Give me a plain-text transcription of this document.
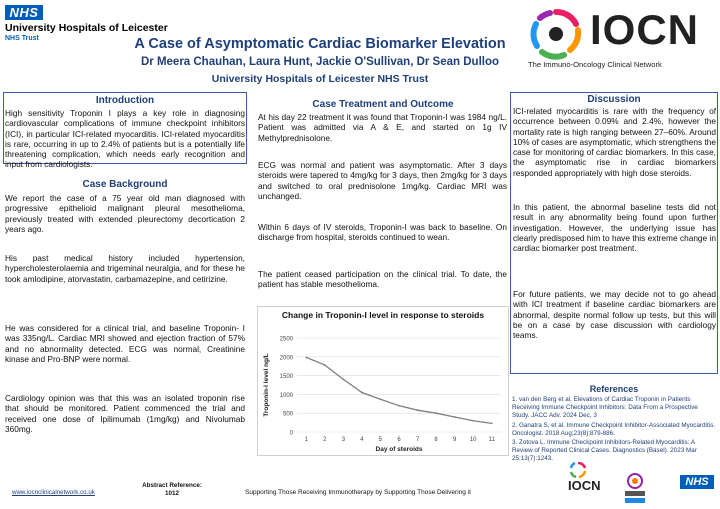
NHS
University Hospitals of Leicester
NHS Trust	A Case of Asymptomatic Cardiac Biomarker Elevation
Dr Meera Chauhan, Laura Hunt, Jackie O'Sullivan, Dr Sean Dulloo
University Hospitals of Leicester NHS Trust
IOCN
The Immuno-Oncology Clinical Network
Introduction
High sensitivity Troponin I plays a key role in diagnosing cardiovascular complications of immune checkpoint inhibitors (ICI), in particular ICI-related myocarditis. ICI-related myocarditis is rare, occurring in up to 2.4% of patients but is a potentially life threatening complication, which needs early recognition and input from cardiologists.
Case Background
We report the case of a 75 year old man diagnosed with progressive epithelioid malignant pleural mesothelioma, previously treated with extended pleurectomy decortication 2 years ago.
His past medical history included hypertension, hypercholesterolaemia and trigeminal neuralgia, and for these he took amlodipine, atorvastatin, carbamazepine, and cetirizine.
He was considered for a clinical trial, and baseline Troponin- I was 335ng/L. Cardiac MRI showed and ejection fraction of 57% and no abnormality detected. ECG was normal, Creatinine kinase and Pro-BNP were normal.
Cardiology opinion was that this was an isolated troponin rise that should be monitored. Patient commenced the trial and received one dose of Ipilimumab (1mg/kg) and Nivolumab 360mg.
Case Treatment and Outcome
At his day 22 treatment it was found that Troponin-I was 1984 ng/L. Patient was admitted via A & E, and started on 1g IV Methylprednisolone.
ECG was normal and patient was asymptomatic. After 3 days steroids were tapered to 4mg/kg for 3 days, then 2mg/kg for 3 days and switched to oral prednisolone 1mg/kg. Cardiac MRI was unchanged.
Within 6 days of IV steroids, Troponin-I was back to baseline. On discharge from hospital, steroids continued to wean.
The patient ceased participation on the clinical trial. To date, the patient has stable mesothelioma.
Change in Troponin-I level in response to steroids
0
500
1000
1500
2000
2500
1	2	3	4	5	6	7	8	9 10 11
Day of steroids
Troponin-I level ng/L
Discussion
ICI-related myocarditis is rare with the frequency of occurrence between 0.09% and 2.4%, however the mortality rate is high ranging between 27–60%. Around 10% of cases are asymptomatic, which strengthens the case for monitoring of cardiac biomarkers. In this case, the asymptomatic rise in cardiac biomarkers responded appropriately with high dose steroids.
In this patient, the abnormal baseline tests did not result in any abnormality being found upon further investigation. However, the underlying issue has clearly predisposed him to have this extreme change in cardiac biomarker post treatment.
For future patients, we may decide not to go ahead with ICI treatment if baseline cardiac biomarkers are abnormal, despite normal follow up tests, but this will be on a case by case discussion with cardiology teams.
References
1. van den Berg et al. Elevations of Cardiac Troponin in Patients Receiving Immune Checkpoint Inhibitors: Data From a Prospective Study. JACC Adv. 2024 Dec, 3
2. Ganatra S, et al. Immune Checkpoint Inhibitor-Associated Myocarditis. Oncologist. 2018 Aug;23(8):879-886.
3. Zotova L. Immune Checkpoint Inhibitors-Related Myocarditis: A Review of Reported Clinical Cases. Diagnostics (Basel). 2023 Mar 25;13(7):1243.
www.iocnclinicalnetwork.co.uk
Abstract Reference:
1012	Supporting Those Receiving Immunotherapy by Supporting Those Delivering it	IOCN	NHS
